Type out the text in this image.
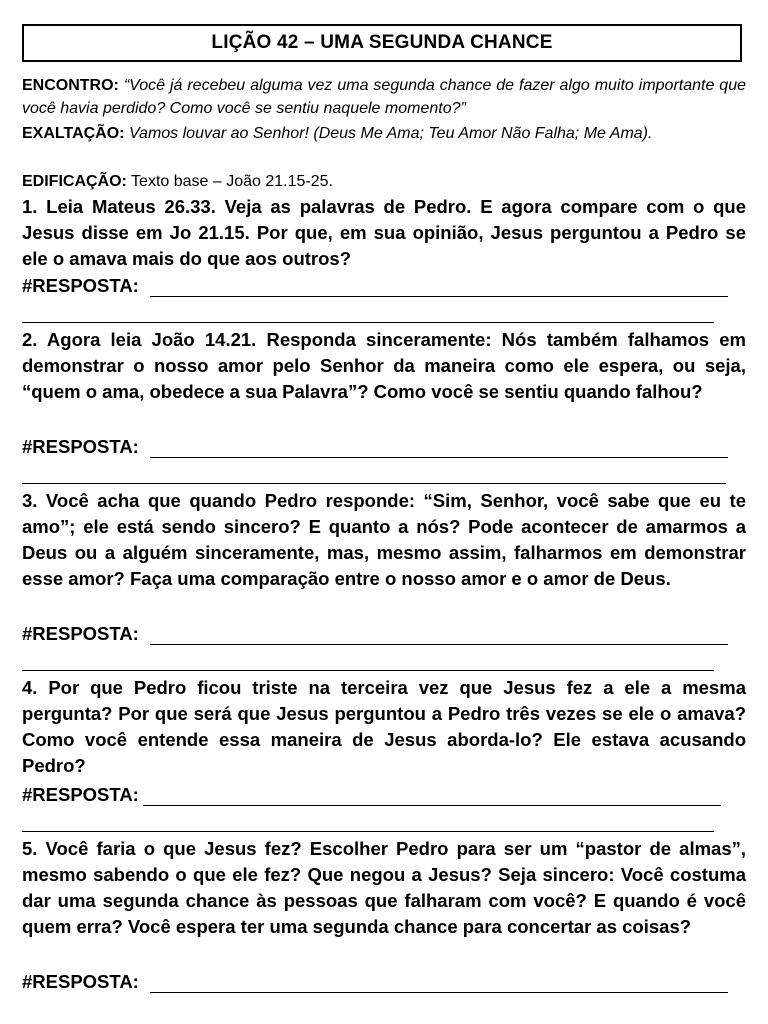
LIÇÃO 42 – UMA SEGUNDA CHANCE
ENCONTRO: “Você já recebeu alguma vez uma segunda chance de fazer algo muito importante que você havia perdido? Como você se sentiu naquele momento?”
EXALTAÇÃO: Vamos louvar ao Senhor! (Deus Me Ama; Teu Amor Não Falha; Me Ama).
EDIFICAÇÃO: Texto base – João 21.15-25.
1. Leia Mateus 26.33. Veja as palavras de Pedro. E agora compare com o que Jesus disse em Jo 21.15. Por que, em sua opinião, Jesus perguntou a Pedro se ele o amava mais do que aos outros?
#RESPOSTA:
2. Agora leia João 14.21. Responda sinceramente: Nós também falhamos em demonstrar o nosso amor pelo Senhor da maneira como ele espera, ou seja, “quem o ama, obedece a sua Palavra”? Como você se sentiu quando falhou?
#RESPOSTA:
3. Você acha que quando Pedro responde: “Sim, Senhor, você sabe que eu te amo”; ele está sendo sincero? E quanto a nós? Pode acontecer de amarmos a Deus ou a alguém sinceramente, mas, mesmo assim, falharmos em demonstrar esse amor? Faça uma comparação entre o nosso amor e o amor de Deus.
#RESPOSTA:
4. Por que Pedro ficou triste na terceira vez que Jesus fez a ele a mesma pergunta? Por que será que Jesus perguntou a Pedro três vezes se ele o amava? Como você entende essa maneira de Jesus aborda-lo? Ele estava acusando Pedro?
#RESPOSTA:
5. Você faria o que Jesus fez? Escolher Pedro para ser um “pastor de almas”, mesmo sabendo o que ele fez? Que negou a Jesus? Seja sincero: Você costuma dar uma segunda chance às pessoas que falharam com você? E quando é você quem erra? Você espera ter uma segunda chance para concertar as coisas?
#RESPOSTA:
